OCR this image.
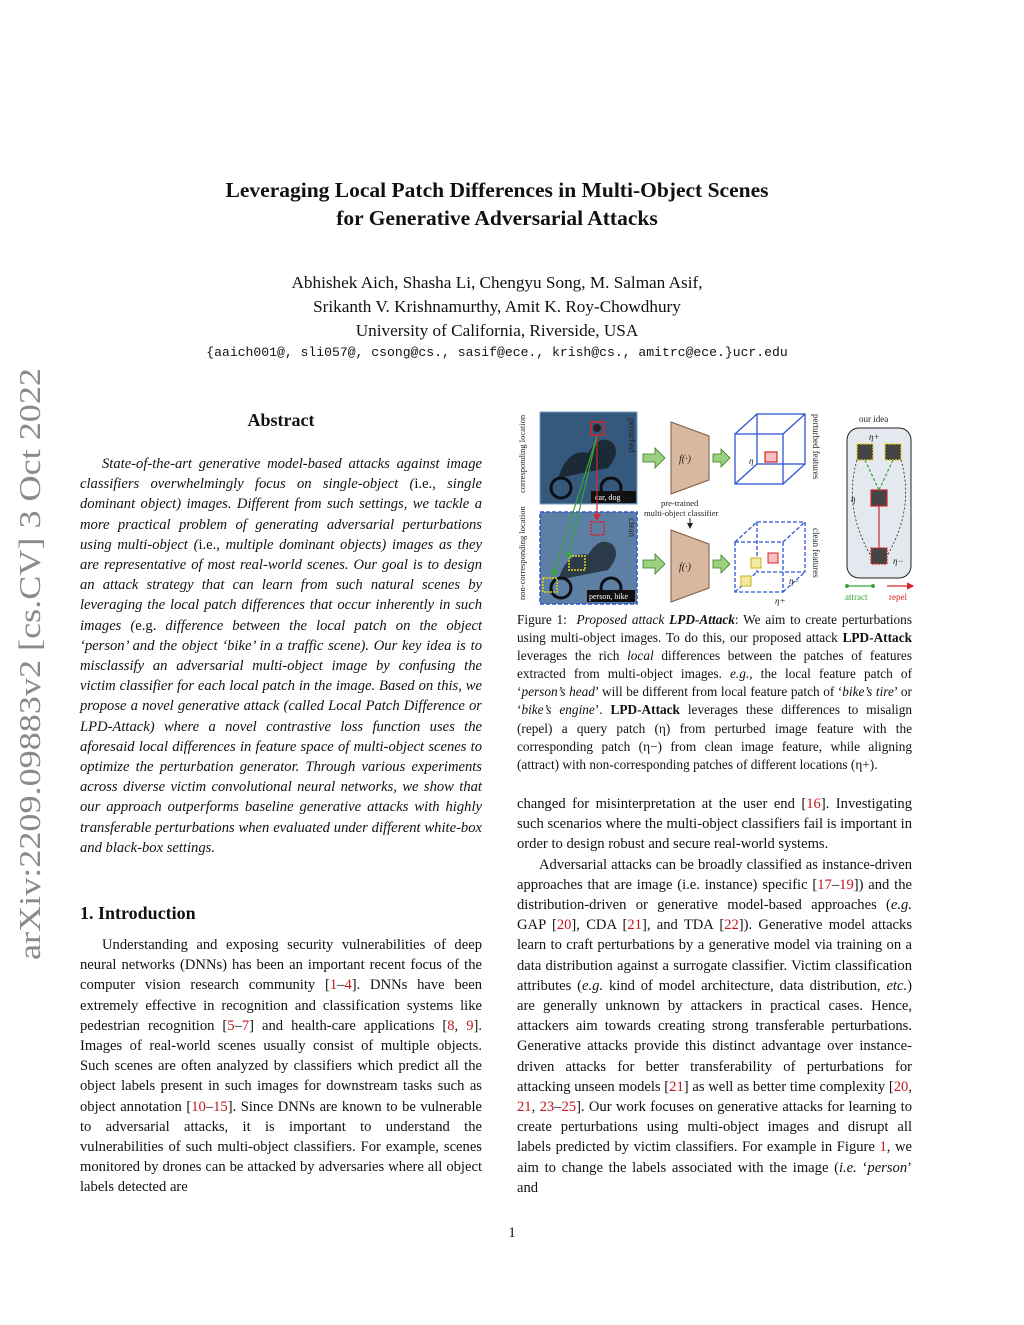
arXiv:2209.09883v2 [cs.CV] 3 Oct 2022
Leveraging Local Patch Differences in Multi-Object Scenes
for Generative Adversarial Attacks
Abhishek Aich, Shasha Li, Chengyu Song, M. Salman Asif,
Srikanth V. Krishnamurthy, Amit K. Roy-Chowdhury
University of California, Riverside, USA
{aaich001@, sli057@, csong@cs., sasif@ece., krish@cs., amitrc@ece.}ucr.edu
Abstract

State-of-the-art generative model-based attacks against image classifiers overwhelmingly focus on single-object (i.e., single dominant object) images. Different from such settings, we tackle a more practical problem of generating adversarial perturbations using multi-object (i.e., multiple dominant objects) images as they are representative of most real-world scenes. Our goal is to design an attack strategy that can learn from such natural scenes by leveraging the local patch differences that occur inherently in such images (e.g. difference between the local patch on the object ‘person’ and the object ‘bike’ in a traffic scene). Our key idea is to misclassify an adversarial multi-object image by confusing the victim classifier for each local patch in the image. Based on this, we propose a novel generative attack (called Local Patch Difference or LPD-Attack) where a novel contrastive loss function uses the aforesaid local differences in feature space of multi-object scenes to optimize the perturbation generator. Through various experiments across diverse victim convolutional neural networks, we show that our approach outperforms baseline generative attacks with highly transferable perturbations when evaluated under different white-box and black-box settings.

1. Introduction

Understanding and exposing security vulnerabilities of deep neural networks (DNNs) has been an important recent focus of the computer vision research community [1–4]. DNNs have been extremely effective in recognition and classification systems like pedestrian recognition [5–7] and health-care applications [8, 9]. Images of real-world scenes usually consist of multiple objects. Such scenes are often analyzed by classifiers which predict all the object labels present in such images for downstream tasks such as object annotation [10–15]. Since DNNs are known to be vulnerable to adversarial attacks, it is important to understand the vulnerabilities of such multi-object classifiers. For example, scenes monitored by drones can be attacked by adversaries where all object labels detected are

corresponding location
non-corresponding location
car, dog
perturbed
person, bike
clean
f(·)
f(·)
pre-trained
multi-object classifier
η	perturbed features
η−
η+
clean features
our idea
η+
η
η−
attract repel
Figure 1: Proposed attack LPD-Attack: We aim to create perturbations using multi-object images. To do this, our proposed attack LPD-Attack leverages the rich local differences between the patches of features extracted from multi-object images. e.g., the local feature patch of ‘person’s head’ will be different from local feature patch of ‘bike’s tire’ or ‘bike’s engine’. LPD-Attack leverages these differences to misalign (repel) a query patch (η) from perturbed image feature with the corresponding patch (η−) from clean image feature, while aligning (attract) with non-corresponding patches of different locations (η+).

changed for misinterpretation at the user end [16]. Investigating such scenarios where the multi-object classifiers fail is important in order to design robust and secure real-world systems.

Adversarial attacks can be broadly classified as instance-driven approaches that are image (i.e. instance) specific [17–19]) and the distribution-driven or generative model-based approaches (e.g. GAP [20], CDA [21], and TDA [22]). Generative model attacks learn to craft perturbations by a generative model via training on a data distribution against a surrogate classifier. Victim classification attributes (e.g. kind of model architecture, data distribution, etc.) are generally unknown by attackers in practical cases. Hence, attackers aim towards creating strong transferable perturbations. Generative attacks provide this distinct advantage over instance-driven attacks for better transferability of perturbations for attacking unseen models [21] as well as better time complexity [20, 21, 23–25]. Our work focuses on generative attacks for learning to create perturbations using multi-object images and disrupt all labels predicted by victim classifiers. For example in Figure 1, we aim to change the labels associated with the image (i.e. ‘person’ and

1
